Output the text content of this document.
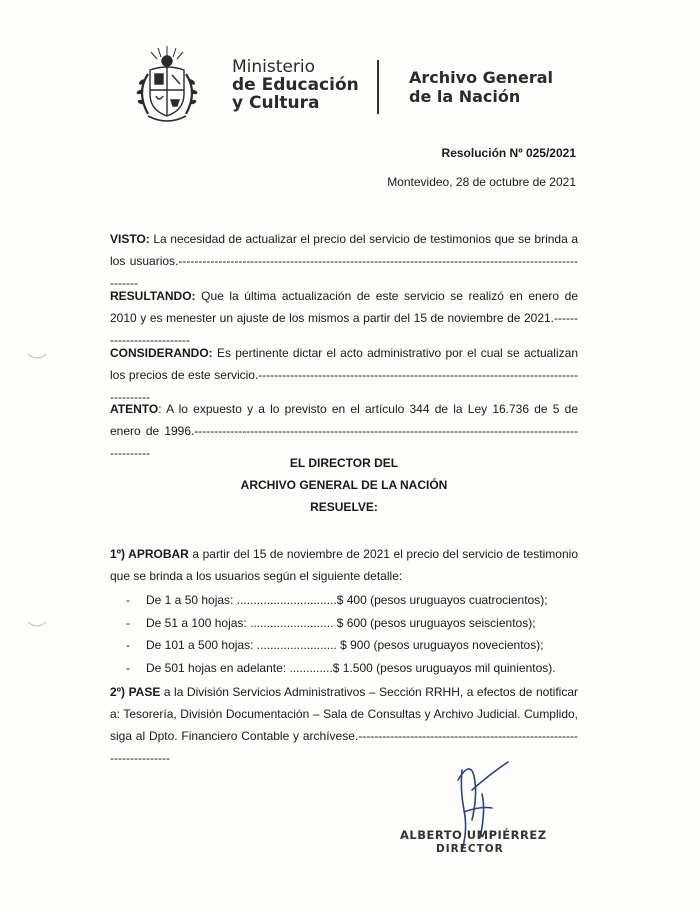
Ministerio
de Educación
y Cultura
Archivo General
de la Nación
Resolución Nº 025/2021
Montevideo, 28 de octubre de 2021
VISTO: La necesidad de actualizar el precio del servicio de testimonios que se brinda a los usuarios.-----------------------------------------------------------------------------------------------------------
RESULTANDO: Que la última actualización de este servicio se realizó en enero de 2010 y es menester un ajuste de los mismos a partir del 15 de noviembre de 2021.--------------------------
CONSIDERANDO: Es pertinente dictar el acto administrativo por el cual se actualizan los precios de este servicio.------------------------------------------------------------------------------------------
ATENTO: A lo expuesto y a lo previsto en el artículo 344 de la Ley 16.736 de 5 de enero de 1996.----------------------------------------------------------------------------------------------------------
EL DIRECTOR DEL
ARCHIVO GENERAL DE LA NACIÓN
RESUELVE:
1º) APROBAR a partir del 15 de noviembre de 2021 el precio del servicio de testimonio que se brinda a los usuarios según el siguiente detalle:
- De 1 a 50 hojas: ..............................$ 400 (pesos uruguayos cuatrocientos);
- De 51 a 100 hojas: ......................... $ 600 (pesos uruguayos seiscientos);
- De 101 a 500 hojas: ........................ $ 900 (pesos uruguayos novecientos);
- De 501 hojas en adelante: .............$ 1.500 (pesos uruguayos mil quinientos).
2º) PASE a la División Servicios Administrativos – Sección RRHH, a efectos de notificar a: Tesorería, División Documentación – Sala de Consultas y Archivo Judicial. Cumplido, siga al Dpto. Financiero Contable y archívese.----------------------------------------------------------------------
ALBERTO UMPIÉRREZ
DIRECTOR
